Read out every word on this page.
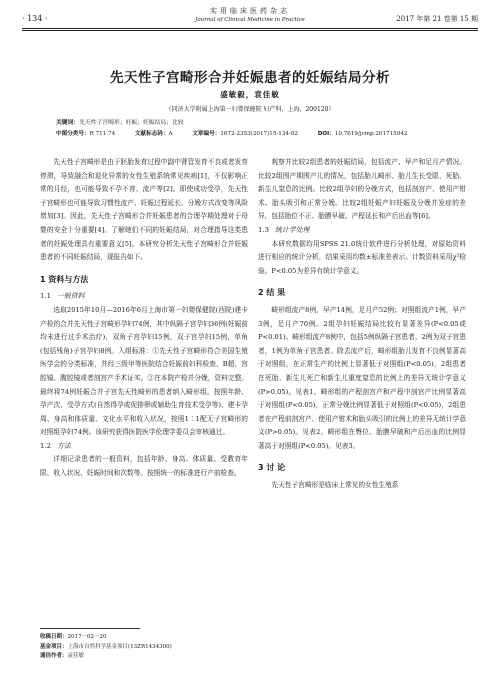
· 134 ·
实用临床医药杂志
Journal of Clinical Medicine in Practice	2017 年第 21 卷第 15 期
先天性子宫畸形合并妊娠患者的妊娠结局分析
盛敏毅，袁佳敏
（同济大学附属上海第一妇婴保健院 妇产科，上海，200120）
关键词：先天性子宫畸形；妊娠；妊娠结局；比较
中图分类号：R 711.74	文献标志码：A	文章编号：1672-2353(2017)15-134-02	DOI：10.7619/jcmp.201715042

先天性子宫畸形是由于胚胎发育过程中副中肾管发育不良或者发育停滞，导致融合和退化异常的女性生殖系统常见疾病[1]，不仅影响正常的月经，也可能导致不孕不育、流产等[2]。即使成功受孕，先天性子宫畸形也可能导致习惯性流产、妊娠过程延长、分娩方式改变等风险增加[3]。因此，先天性子宫畸形合并妊娠患者的合理孕期处理对于母婴的安全十分重要[4]。了解她们不同的妊娠结局，对合理指导这类患者的妊娠处理具有重要意义[5]。本研究分析先天性子宫畸形合并妊娠患者的不同妊娠结局，现报告如下。

1 资料与方法
1.1 一般资料

选取2015年10月—2016年6月上海市第一妇婴保健院(西院)建卡产检的合并先天性子宫畸形孕妇74例，其中纵隔子宫孕妇36例(妊娠前均未进行过手术治疗)，双角子宫孕妇15例，双子宫孕妇15例，单角(包括残角)子宫孕妇8例。入组标准：①先天性子宫畸形符合美国生殖医学会的分类标准，并经三级甲等医院结合妊娠前妇科检查、B超、宫腔镜、腹腔镜或者剖宫产手术证实。②在本院产检并分娩，资料完整。最终将74例妊娠合并子宫先天性畸形的患者纳入畸形组。按照年龄、孕产次、受孕方式(自然得孕或促排卵或辅助生育技术受孕等)、建卡孕周、身高和体质量、文化水平和收入状况，按照1∶1配无子宫畸形的对照组孕妇74例。该研究获得医院医学伦理学委员会审核通过。

1.2 方法

详细记录患者的一般资料，包括年龄、身高、体质量、受教育年限、收入状况、妊娠时间和次数等。按照统一的标准进行产前检查。

观察并比较2组患者的妊娠结局，包括流产、早产和足月产情况。比较2组围产期围产儿的情况，包括胎儿畸形、胎儿生长受限、死胎、新生儿窒息的比例。比较2组孕妇的分娩方式，包括剖宫产、使用产钳术、胎头吸引和正常分娩。比较2组妊娠产妇妊娠及分娩并发症的差异，包括胎位不正、胎膜早破、产程延长和产后出血等[6]。

1.3 统计学处理

本研究数据均用SPSS 21.0统计软件进行分析处理，对原始资料进行相应的统计分析，结果采用均数±标准差表示。计数资料采用χ²检验。P<0.05为差异有统计学意义。

2 结 果

畸形组流产8例，早产14例，足月产52例；对照组流产1例，早产3例，足月产70例。2组孕妇妊娠结局比较有显著差异(P<0.05或P<0.01)。畸形组流产8例中，包括5例纵隔子宫患者，2例为双子宫患者，1例为单角子宫患者。除去流产后，畸形组胎儿发育不良例显著高于对照组，在正常生产的比例上显著低于对照组(P<0.05)，2组患者在死胎、新生儿死亡和新生儿重度窒息的比例上的差异无统计学意义(P>0.05)。见表1。畸形组的产程剖宫产和产程中剖宫产比例显著高于对照组(P<0.05)，正常分娩比例显著低于对照组(P<0.05)，2组患者在产程前剖宫产、使用产钳术和胎头吸引的比例上的差异无统计学意义(P>0.05)。见表2。畸形组在臀位、胎膜早破和产后出血的比例显著高于对照组(P<0.05)。见表3。

3 讨 论

先天性子宫畸形是临床上常见的女性生殖系

收稿日期：2017－02－20
基金项目：上海市自然科学基金项目(13ZR1434300)
通信作者：袁佳敏
